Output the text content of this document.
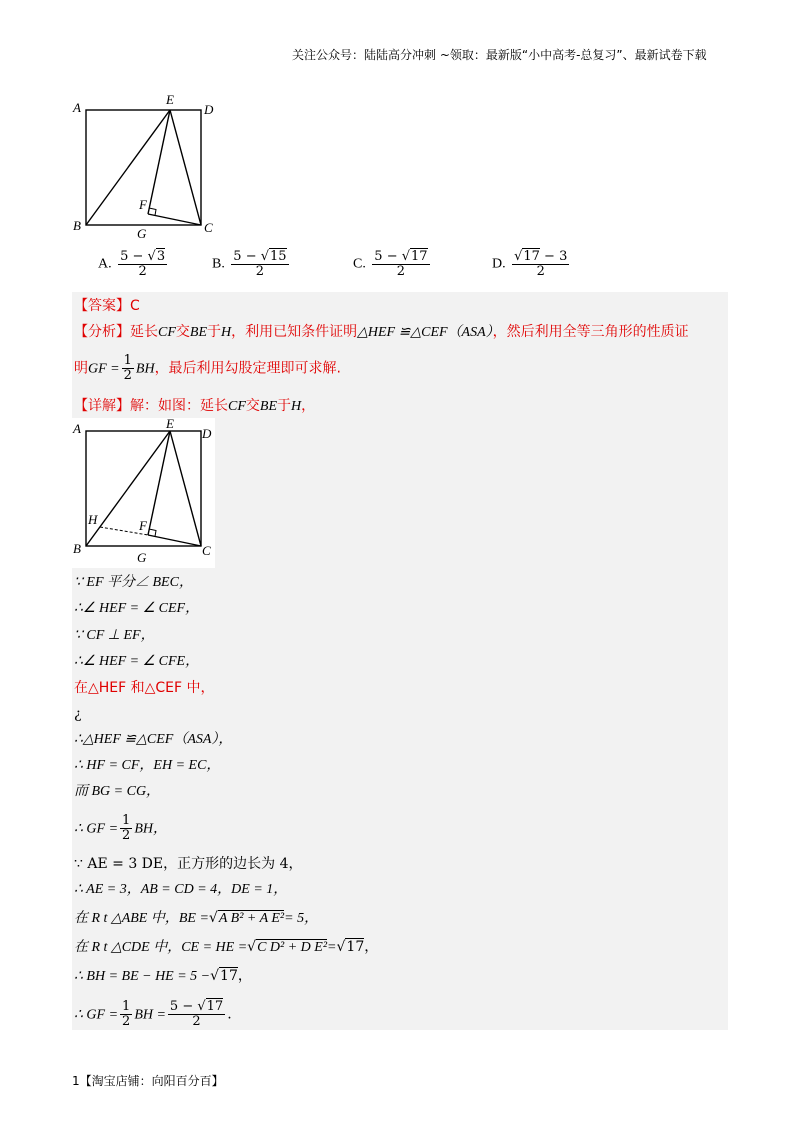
关注公众号：陆陆高分冲刺 ~领取：最新版“小中高考-总复习”、最新试卷下载
A
E
D
B	C
F
G
A. $\frac{5 - √3}{2}$	B. $\frac{5 - √15}{2}$	C. $\frac{5 - √17}{2}$	D. $\frac{√17 - 3}{2}$
【答案】C
【分析】延长CF交BE于H，利用已知条件证明△HEF ≌△CEF（ASA），然后利用全等三角形的性质证
明GF = $\frac{1}{2}$ BH，最后利用勾股定理即可求解.
【详解】解：如图：延长CF交BE于H，
A	E
D
H
B	C
F
G
∵ EF 平分∠ BEC，
∴∠ HEF = ∠ CEF，
∵ CF ⊥ EF，
∴∠ HEF = ∠ CFE，
在△HEF 和△CEF 中，
¿
∴△HEF ≌△CEF（ASA），
∴ HF = CF，EH = EC，
而 BG = CG，
∴ GF = $\frac{1}{2}$ BH，
∵ AE = 3 DE，正方形的边长为 4，
∴ AE = 3，AB = CD = 4，DE = 1，
在 R t △ABE 中，BE =√A B² + A E²= 5，
在 R t △CDE 中，CE = HE =√C D² + D E²=√17，
∴ BH = BE − HE = 5 −√17，
∴ GF = $\frac{1}{2}$ BH = $\frac{5 - √17}{2}$ .
1【淘宝店铺：向阳百分百】
